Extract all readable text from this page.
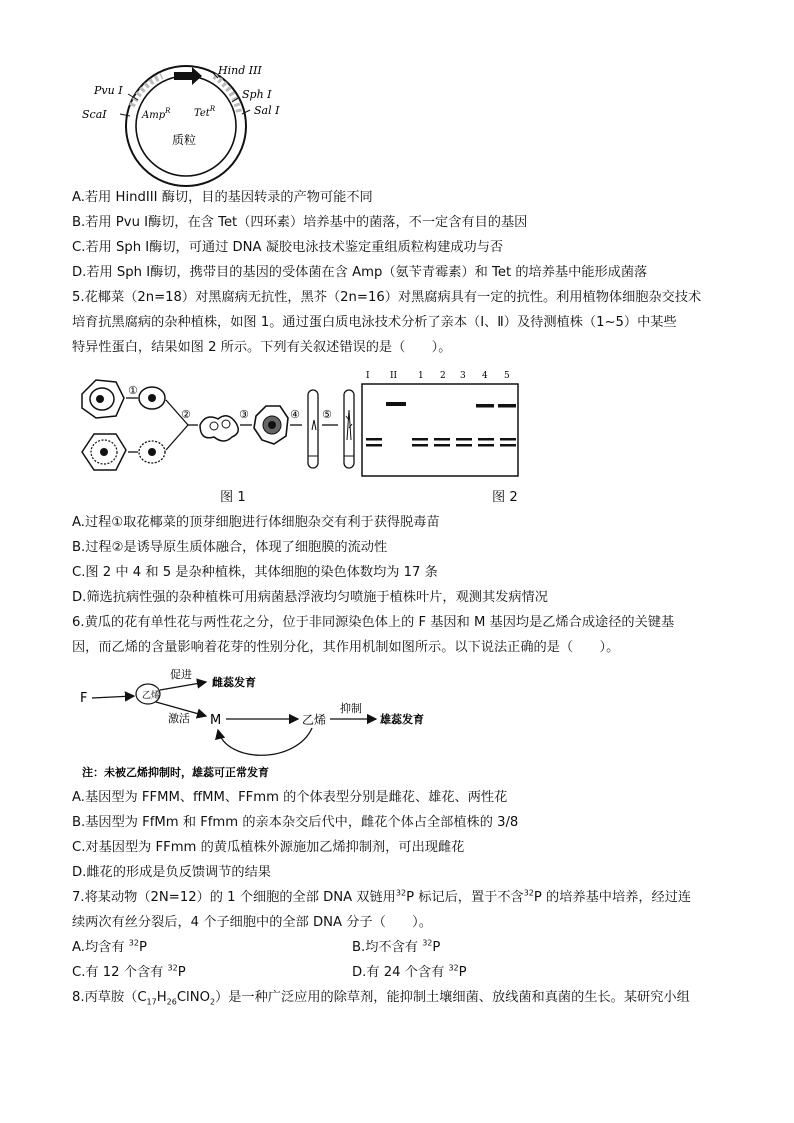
Pvu I
ScaI
Hind III
Sph I
Sal I
Amp$^R$ Tet$^R$
质粒
A.若用 HindIII 酶切，目的基因转录的产物可能不同
B.若用 Pvu Ⅰ酶切，在含 Tet（四环素）培养基中的菌落，不一定含有目的基因
C.若用 Sph Ⅰ酶切，可通过 DNA 凝胶电泳技术鉴定重组质粒构建成功与否
D.若用 Sph Ⅰ酶切，携带目的基因的受体菌在含 Amp（氨苄青霉素）和 Tet 的培养基中能形成菌落
5.花椰菜（2n=18）对黑腐病无抗性，黑芥（2n=16）对黑腐病具有一定的抗性。利用植物体细胞杂交技术
培育抗黑腐病的杂种植株，如图 1。通过蛋白质电泳技术分析了亲本（Ⅰ、Ⅱ）及待测植株（1~5）中某些
特异性蛋白，结果如图 2 所示。下列有关叙述错误的是（　　）。
①
②	③	④ ⑤
I II 1 2 3 4 5
图 1	图 2
A.过程①取花椰菜的顶芽细胞进行体细胞杂交有利于获得脱毒苗
B.过程②是诱导原生质体融合，体现了细胞膜的流动性
C.图 2 中 4 和 5 是杂种植株，其体细胞的染色体数均为 17 条
D.筛选抗病性强的杂种植株可用病菌悬浮液均匀喷施于植株叶片，观测其发病情况
6.黄瓜的花有单性花与两性花之分，位于非同源染色体上的 F 基因和 M 基因均是乙烯合成途径的关键基
因，而乙烯的含量影响着花芽的性别分化，其作用机制如图所示。以下说法正确的是（　　）。
F	乙烯
促进
雌蕊发育
激活 M	乙烯
抑制
雄蕊发育
注：未被乙烯抑制时，雄蕊可正常发育
A.基因型为 FFMM、ffMM、FFmm 的个体表型分别是雌花、雄花、两性花
B.基因型为 FfMm 和 Ffmm 的亲本杂交后代中，雌花个体占全部植株的 3/8
C.对基因型为 FFmm 的黄瓜植株外源施加乙烯抑制剂，可出现雌花
D.雌花的形成是负反馈调节的结果
7.将某动物（2N=12）的 1 个细胞的全部 DNA 双链用$^{32}$P 标记后，置于不含$^{32}$P 的培养基中培养，经过连
续两次有丝分裂后，4 个子细胞中的全部 DNA 分子（　　）。
A.均含有 $^{32}$P	B.均不含有 $^{32}$P
C.有 12 个含有 $^{32}$P	D.有 24 个含有 $^{32}$P
8.丙草胺$(C_{17}H_{26}ClNO_2)$是一种广泛应用的除草剂，能抑制土壤细菌、放线菌和真菌的生长。某研究小组
